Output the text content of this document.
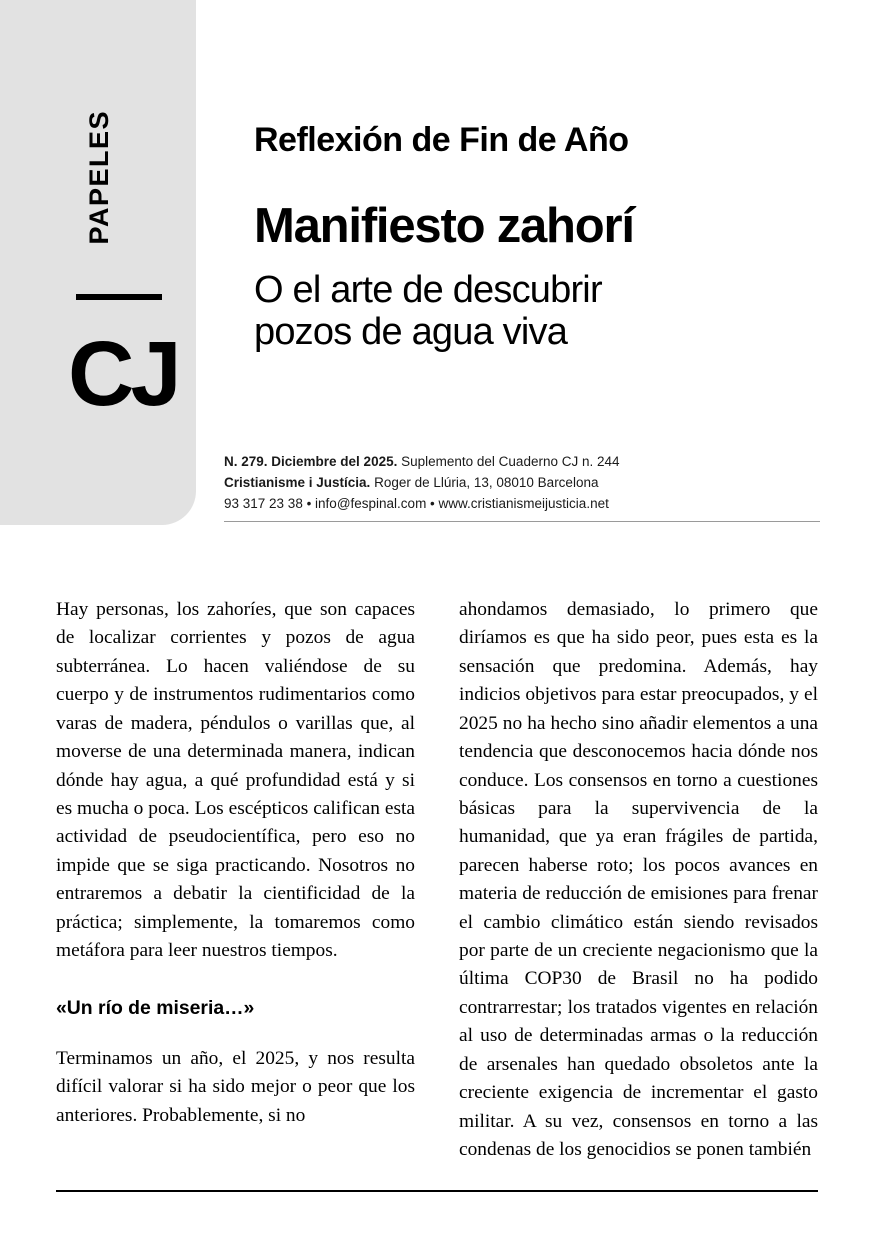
PAPELES
CJ
Reflexión de Fin de Año
Manifiesto zahorí
O el arte de descubrir
pozos de agua viva
N. 279. Diciembre del 2025. Suplemento del Cuaderno CJ n. 244
Cristianisme i Justícia. Roger de Llúria, 13, 08010 Barcelona
93 317 23 38 • info@fespinal.com • www.cristianismeijusticia.net

Hay personas, los zahoríes, que son capaces de localizar corrientes y pozos de agua subterránea. Lo hacen valiéndose de su cuerpo y de instrumentos rudimentarios como varas de madera, péndulos o varillas que, al moverse de una determinada manera, indican dónde hay agua, a qué profundidad está y si es mucha o poca. Los escépticos califican esta actividad de pseudocientífica, pero eso no impide que se siga practicando. Nosotros no entraremos a debatir la cientificidad de la práctica; simplemente, la tomaremos como metáfora para leer nuestros tiempos.

«Un río de miseria…»

Terminamos un año, el 2025, y nos resulta difícil valorar si ha sido mejor o peor que los anteriores. Probablemente, si no

ahondamos demasiado, lo primero que diríamos es que ha sido peor, pues esta es la sensación que predomina. Además, hay indicios objetivos para estar preocupados, y el 2025 no ha hecho sino añadir elementos a una tendencia que desconocemos hacia dónde nos conduce. Los consensos en torno a cuestiones básicas para la supervivencia de la humanidad, que ya eran frágiles de partida, parecen haberse roto; los pocos avances en materia de reducción de emisiones para frenar el cambio climático están siendo revisados por parte de un creciente negacionismo que la última COP30 de Brasil no ha podido contrarrestar; los tratados vigentes en relación al uso de determinadas armas o la reducción de arsenales han quedado obsoletos ante la creciente exigencia de incrementar el gasto militar. A su vez, consensos en torno a las condenas de los genocidios se ponen también
